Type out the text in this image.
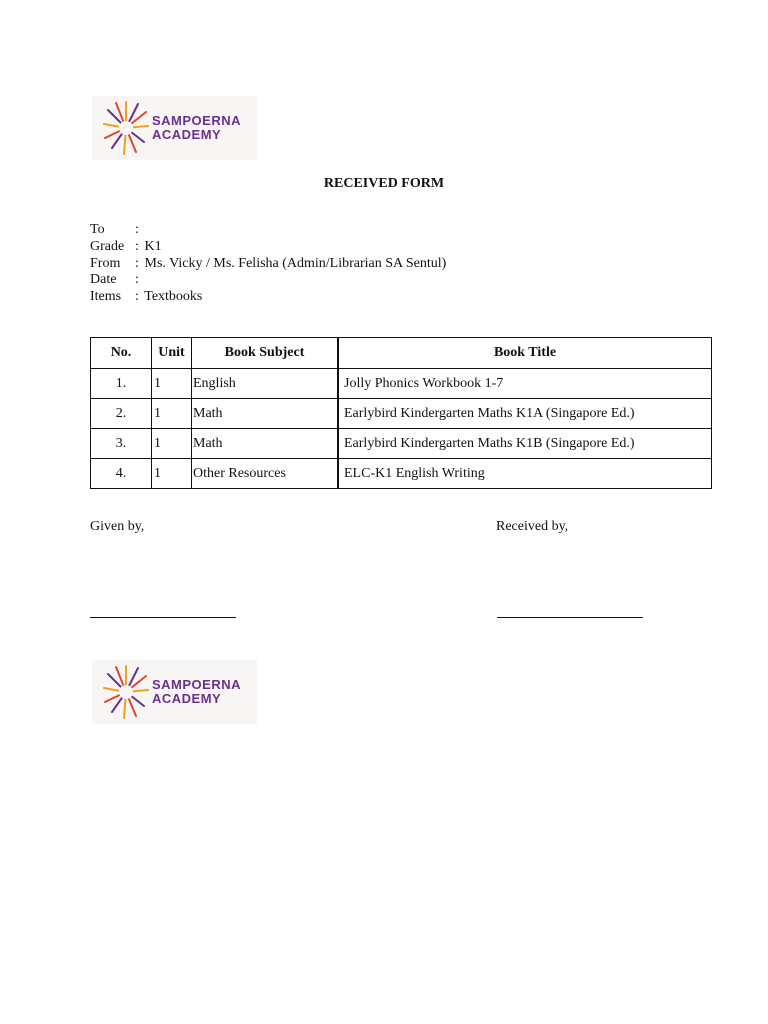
SAMPOERNA
ACADEMY
RECEIVED FORM
To :
Grade : K1
From : Ms. Vicky / Ms. Felisha (Admin/Librarian SA Sentul)
Date :
Items : Textbooks
No.	Unit	Book Subject	Book Title
1.	1	English	Jolly Phonics Workbook 1-7
2.	1	Math	Earlybird Kindergarten Maths K1A (Singapore Ed.)
3.	1	Math	Earlybird Kindergarten Maths K1B (Singapore Ed.)
4.	1	Other Resources	ELC-K1 English Writing
Given by,	Received by,
SAMPOERNA
ACADEMY
